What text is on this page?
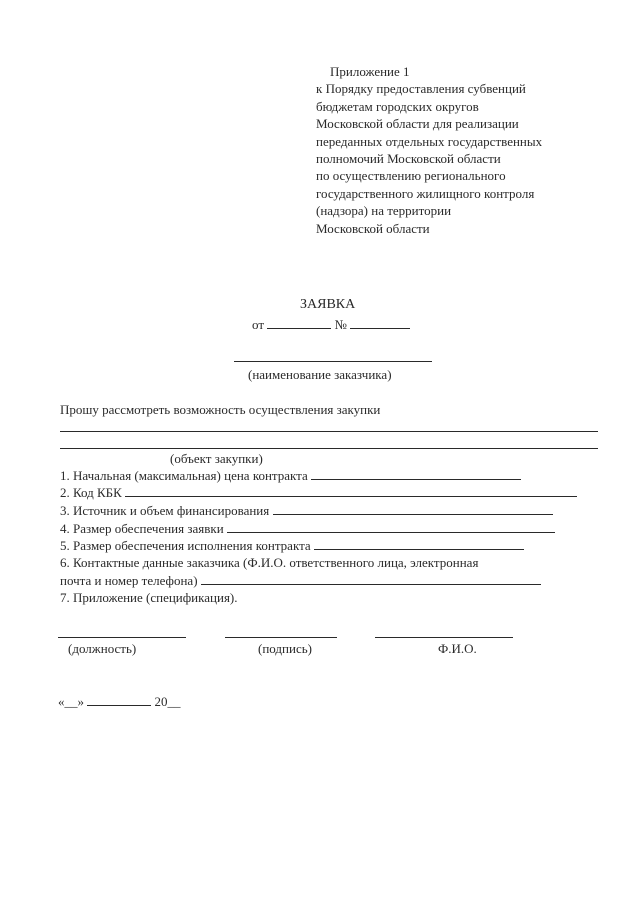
Приложение 1
к Порядку предоставления субвенций
бюджетам городских округов
Московской области для реализации
переданных отдельных государственных
полномочий Московской области
по осуществлению регионального
государственного жилищного контроля
(надзора) на территории
Московской области
ЗАЯВКА
от	№
(наименование заказчика)
Прошу рассмотреть возможность осуществления закупки
(объект закупки)
1. Начальная (максимальная) цена контракта
2. Код КБК
3. Источник и объем финансирования
4. Размер обеспечения заявки
5. Размер обеспечения исполнения контракта
6. Контактные данные заказчика (Ф.И.О. ответственного лица, электронная
почта и номер телефона)
7. Приложение (спецификация).
(должность)	(подпись)	Ф.И.О.
«__»	20__
